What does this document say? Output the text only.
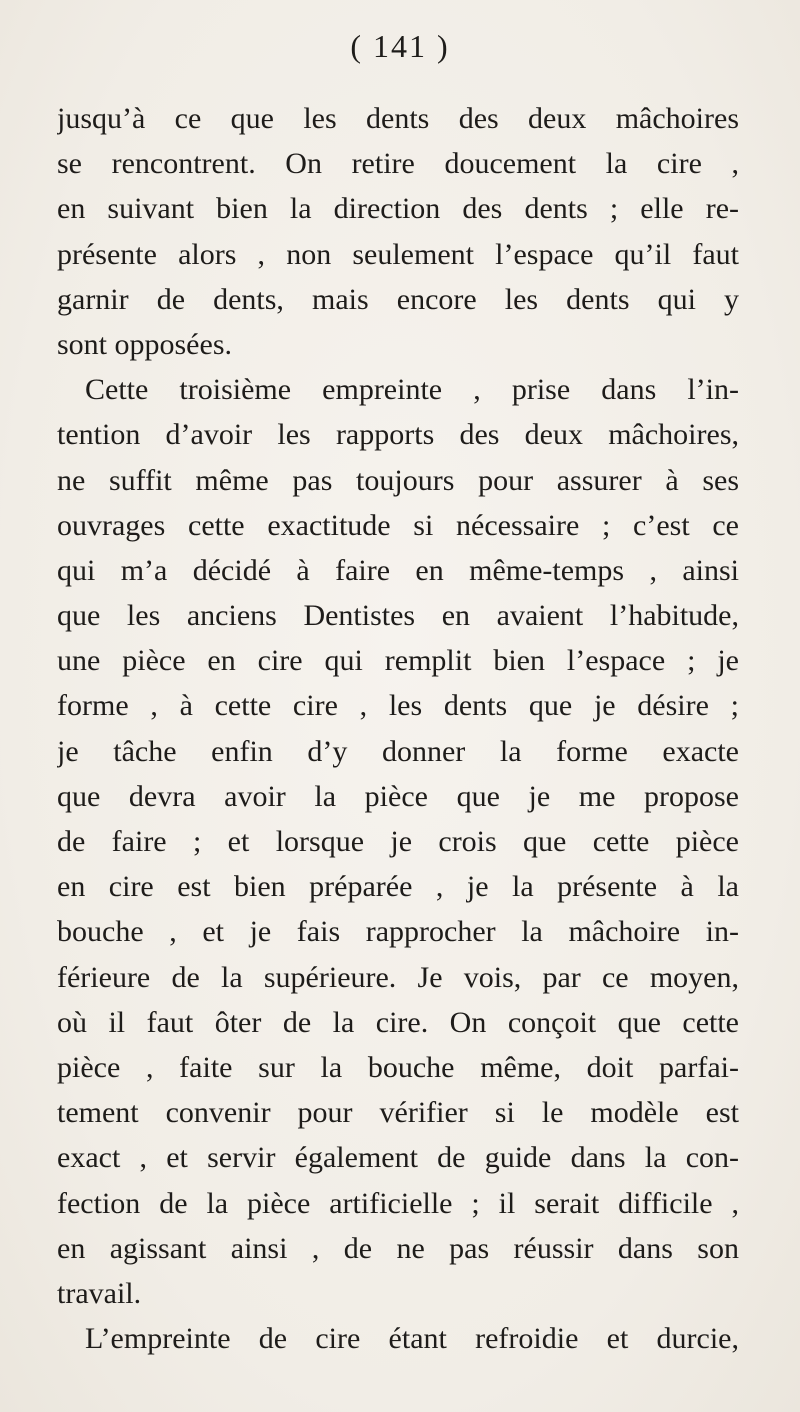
( 141 )
jusqu’à ce que les dents des deux mâchoires
se rencontrent. On retire doucement la cire ,
en suivant bien la direction des dents ; elle re-
présente alors , non seulement l’espace qu’il faut
garnir de dents, mais encore les dents qui y
sont opposées.
Cette troisième empreinte , prise dans l’in-
tention d’avoir les rapports des deux mâchoires,
ne suffit même pas toujours pour assurer à ses
ouvrages cette exactitude si nécessaire ; c’est ce
qui m’a décidé à faire en même-temps , ainsi
que les anciens Dentistes en avaient l’habitude,
une pièce en cire qui remplit bien l’espace ; je
forme , à cette cire , les dents que je désire ;
je tâche enfin d’y donner la forme exacte
que devra avoir la pièce que je me propose
de faire ; et lorsque je crois que cette pièce
en cire est bien préparée , je la présente à la
bouche , et je fais rapprocher la mâchoire in-
férieure de la supérieure. Je vois, par ce moyen,
où il faut ôter de la cire. On conçoit que cette
pièce , faite sur la bouche même, doit parfai-
tement convenir pour vérifier si le modèle est
exact , et servir également de guide dans la con-
fection de la pièce artificielle ; il serait difficile ,
en agissant ainsi , de ne pas réussir dans son
travail.
L’empreinte de cire étant refroidie et durcie,
